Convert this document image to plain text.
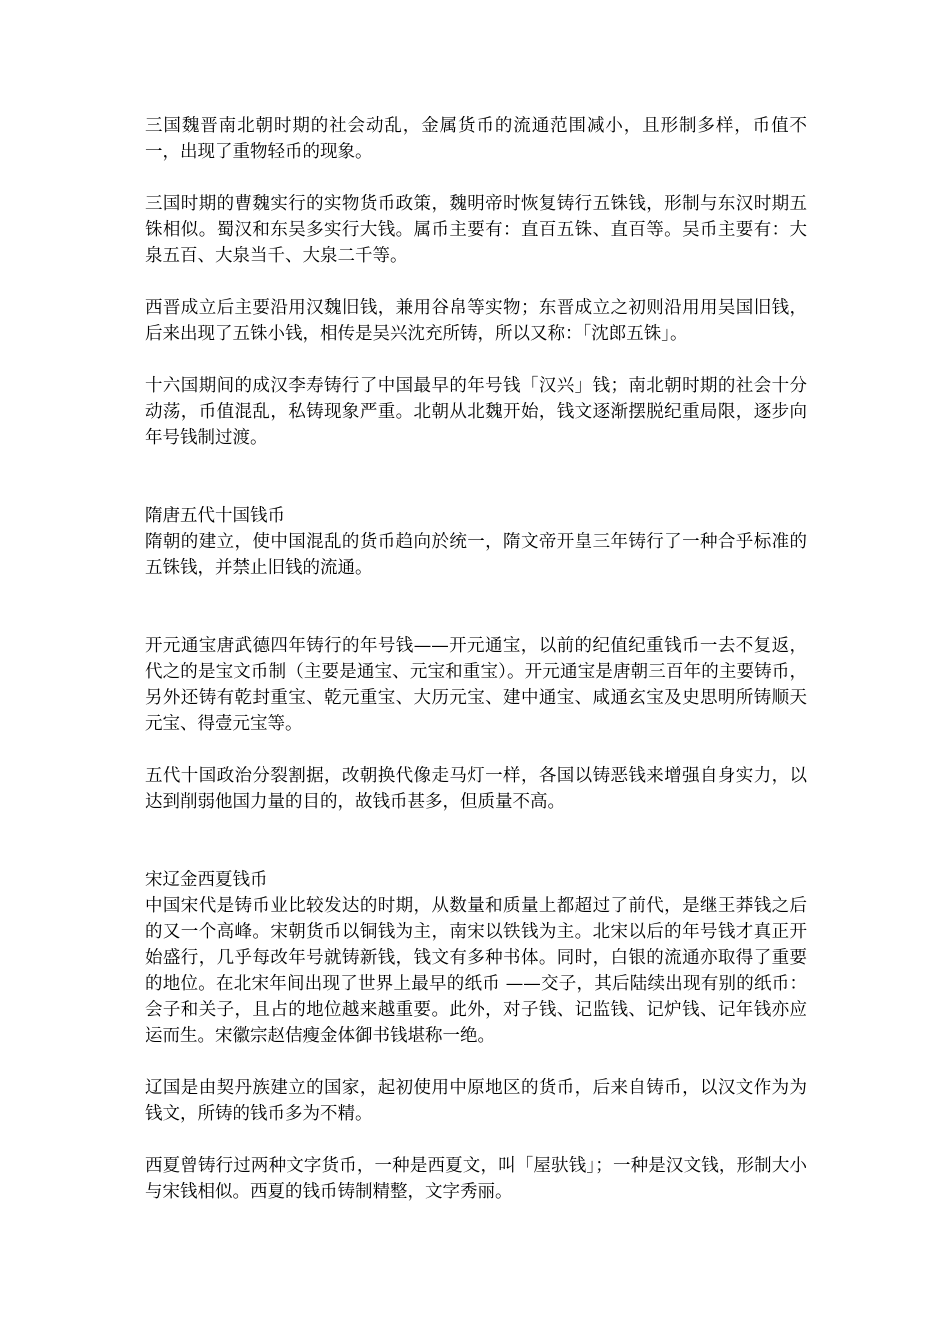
三国魏晋南北朝时期的社会动乱，金属货币的流通范围减小，且形制多样，币值不一，出现了重物轻币的现象。

三国时期的曹魏实行的实物货币政策，魏明帝时恢复铸行五铢钱，形制与东汉时期五铢相似。蜀汉和东吴多实行大钱。属币主要有：直百五铢、直百等。吴币主要有：大泉五百、大泉当千、大泉二千等。

西晋成立后主要沿用汉魏旧钱，兼用谷帛等实物；东晋成立之初则沿用用吴国旧钱，后来出现了五铢小钱，相传是吴兴沈充所铸，所以又称：「沈郎五铢」。

十六国期间的成汉李寿铸行了中国最早的年号钱「汉兴」钱；南北朝时期的社会十分动荡，币值混乱，私铸现象严重。北朝从北魏开始，钱文逐渐摆脱纪重局限，逐步向年号钱制过渡。

隋唐五代十国钱币

隋朝的建立，使中国混乱的货币趋向於统一，隋文帝开皇三年铸行了一种合乎标准的五铢钱，并禁止旧钱的流通。

开元通宝唐武德四年铸行的年号钱——开元通宝，以前的纪值纪重钱币一去不复返，代之的是宝文币制（主要是通宝、元宝和重宝）。开元通宝是唐朝三百年的主要铸币，另外还铸有乾封重宝、乾元重宝、大历元宝、建中通宝、咸通玄宝及史思明所铸顺天元宝、得壹元宝等。

五代十国政治分裂割据，改朝换代像走马灯一样，各国以铸恶钱来增强自身实力，以达到削弱他国力量的目的，故钱币甚多，但质量不高。

宋辽金西夏钱币

中国宋代是铸币业比较发达的时期，从数量和质量上都超过了前代，是继王莽钱之后的又一个高峰。宋朝货币以铜钱为主，南宋以铁钱为主。北宋以后的年号钱才真正开始盛行，几乎每改年号就铸新钱，钱文有多种书体。同时，白银的流通亦取得了重要的地位。在北宋年间出现了世界上最早的纸币 ——交子，其后陆续出现有别的纸币：会子和关子，且占的地位越来越重要。此外，对子钱、记监钱、记炉钱、记年钱亦应运而生。宋徽宗赵佶瘦金体御书钱堪称一绝。

辽国是由契丹族建立的国家，起初使用中原地区的货币，后来自铸币，以汉文作为为钱文，所铸的钱币多为不精。

西夏曾铸行过两种文字货币，一种是西夏文，叫「屋驮钱」；一种是汉文钱，形制大小与宋钱相似。西夏的钱币铸制精整，文字秀丽。
